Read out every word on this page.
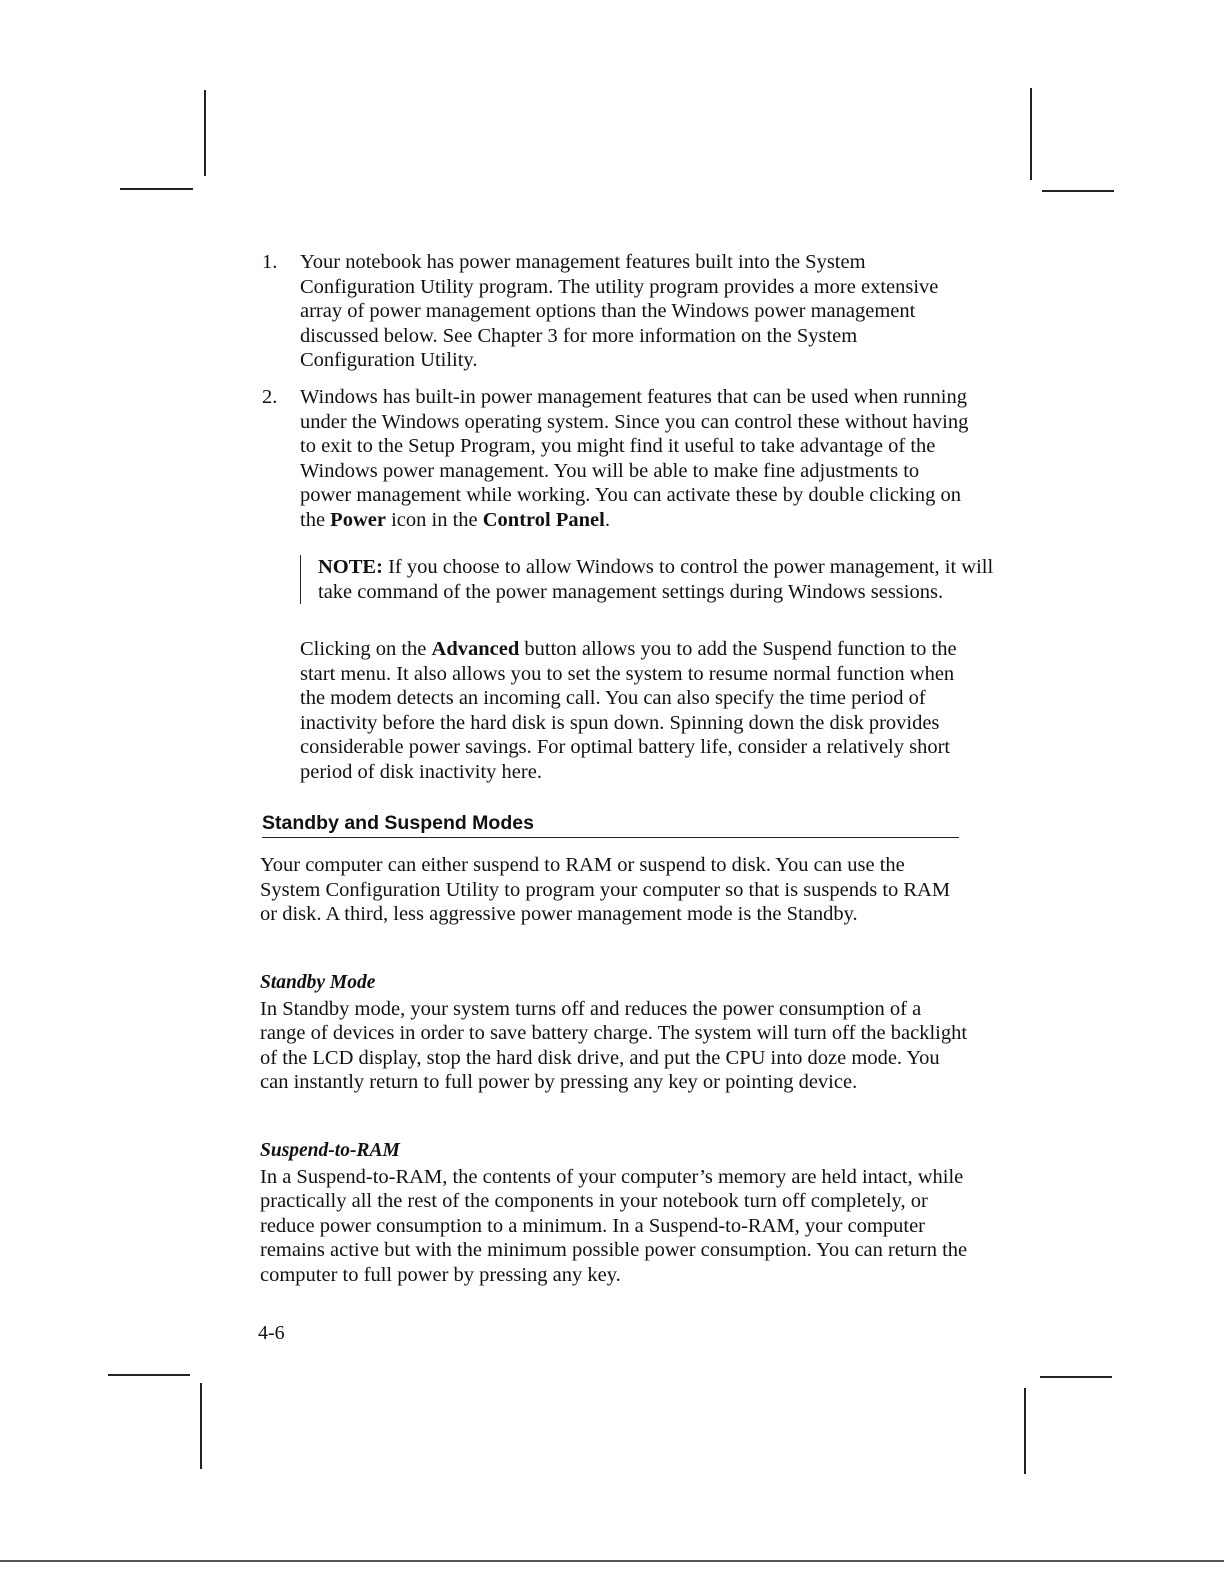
1.	Your notebook has power management features built into the System Configuration Utility program. The utility program provides a more extensive array of power management options than the Windows power management discussed below. See Chapter 3 for more information on the System Configuration Utility.

2.	Windows has built-in power management features that can be used when running under the Windows operating system. Since you can control these without having to exit to the Setup Program, you might find it useful to take advantage of the Windows power management. You will be able to make fine adjustments to power management while working. You can activate these by double clicking on the Power icon in the Control Panel.

NOTE: If you choose to allow Windows to control the power management, it will take command of the power management settings during Windows sessions.

Clicking on the Advanced button allows you to add the Suspend function to the start menu. It also allows you to set the system to resume normal function when the modem detects an incoming call. You can also specify the time period of inactivity before the hard disk is spun down. Spinning down the disk provides considerable power savings. For optimal battery life, consider a relatively short period of disk inactivity here.

Standby and Suspend Modes

Your computer can either suspend to RAM or suspend to disk. You can use the System Configuration Utility to program your computer so that is suspends to RAM or disk. A third, less aggressive power management mode is the Standby.

Standby Mode

In Standby mode, your system turns off and reduces the power consumption of a range of devices in order to save battery charge. The system will turn off the backlight of the LCD display, stop the hard disk drive, and put the CPU into doze mode. You can instantly return to full power by pressing any key or pointing device.

Suspend-to-RAM

In a Suspend-to-RAM, the contents of your computer’s memory are held intact, while practically all the rest of the components in your notebook turn off completely, or reduce power consumption to a minimum. In a Suspend-to-RAM, your computer remains active but with the minimum possible power consumption. You can return the computer to full power by pressing any key.

4-6
